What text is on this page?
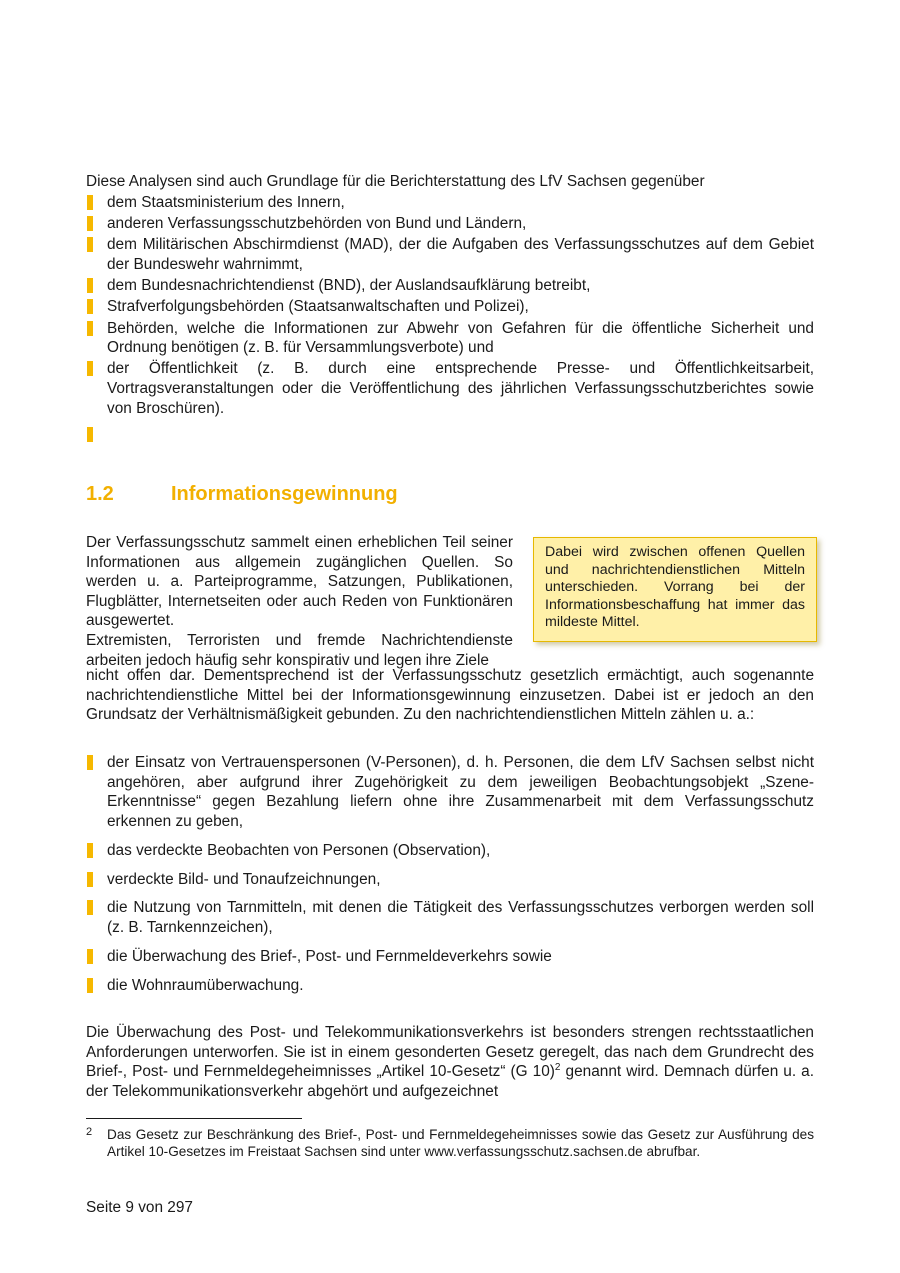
Diese Analysen sind auch Grundlage für die Berichterstattung des LfV Sachsen gegenüber
dem Staatsministerium des Innern,
anderen Verfassungsschutzbehörden von Bund und Ländern,
dem Militärischen Abschirmdienst (MAD), der die Aufgaben des Verfassungsschutzes auf dem Gebiet der Bundeswehr wahrnimmt,
dem Bundesnachrichtendienst (BND), der Auslandsaufklärung betreibt,
Strafverfolgungsbehörden (Staatsanwaltschaften und Polizei),
Behörden, welche die Informationen zur Abwehr von Gefahren für die öffentliche Sicherheit und Ordnung benötigen (z. B. für Versammlungsverbote) und
der Öffentlichkeit (z. B. durch eine entsprechende Presse- und Öffentlichkeitsarbeit, Vortragsveranstaltungen oder die Veröffentlichung des jährlichen Verfassungsschutzberichtes sowie von Broschüren).
1.2	Informationsgewinnung
Dabei wird zwischen offenen Quellen und nachrichtendienstlichen Mitteln unterschieden. Vorrang bei der Informationsbeschaffung hat immer das mildeste Mittel.
Der Verfassungsschutz sammelt einen erheblichen Teil seiner Informationen aus allgemein zugänglichen Quellen. So werden u. a. Parteiprogramme, Satzungen, Publikationen, Flugblätter, Internetseiten oder auch Reden von Funktionären ausgewertet.
Extremisten, Terroristen und fremde Nachrichtendienste arbeiten jedoch häufig sehr konspirativ und legen ihre Ziele
nicht offen dar. Dementsprechend ist der Verfassungsschutz gesetzlich ermächtigt, auch sogenannte nachrichtendienstliche Mittel bei der Informationsgewinnung einzusetzen. Dabei ist er jedoch an den Grundsatz der Verhältnismäßigkeit gebunden. Zu den nachrichtendienstlichen Mitteln zählen u. a.:
der Einsatz von Vertrauenspersonen (V-Personen), d. h. Personen, die dem LfV Sachsen selbst nicht angehören, aber aufgrund ihrer Zugehörigkeit zu dem jeweiligen Beobachtungsobjekt „Szene-Erkenntnisse“ gegen Bezahlung liefern ohne ihre Zusammenarbeit mit dem Verfassungsschutz erkennen zu geben,
das verdeckte Beobachten von Personen (Observation),
verdeckte Bild- und Tonaufzeichnungen,
die Nutzung von Tarnmitteln, mit denen die Tätigkeit des Verfassungsschutzes verborgen werden soll (z. B. Tarnkennzeichen),
die Überwachung des Brief-, Post- und Fernmeldeverkehrs sowie
die Wohnraumüberwachung.
Die Überwachung des Post- und Telekommunikationsverkehrs ist besonders strengen rechtsstaatlichen Anforderungen unterworfen. Sie ist in einem gesonderten Gesetz geregelt, das nach dem Grundrecht des Brief-, Post- und Fernmeldegeheimnisses „Artikel 10-Gesetz“ (G 10)$^2$ genannt wird. Demnach dürfen u. a. der Telekommunikationsverkehr abgehört und aufgezeichnet
2	Das Gesetz zur Beschränkung des Brief-, Post- und Fernmeldegeheimnisses sowie das Gesetz zur Ausführung des Artikel 10-Gesetzes im Freistaat Sachsen sind unter www.verfassungsschutz.sachsen.de abrufbar.
Seite 9 von 297
